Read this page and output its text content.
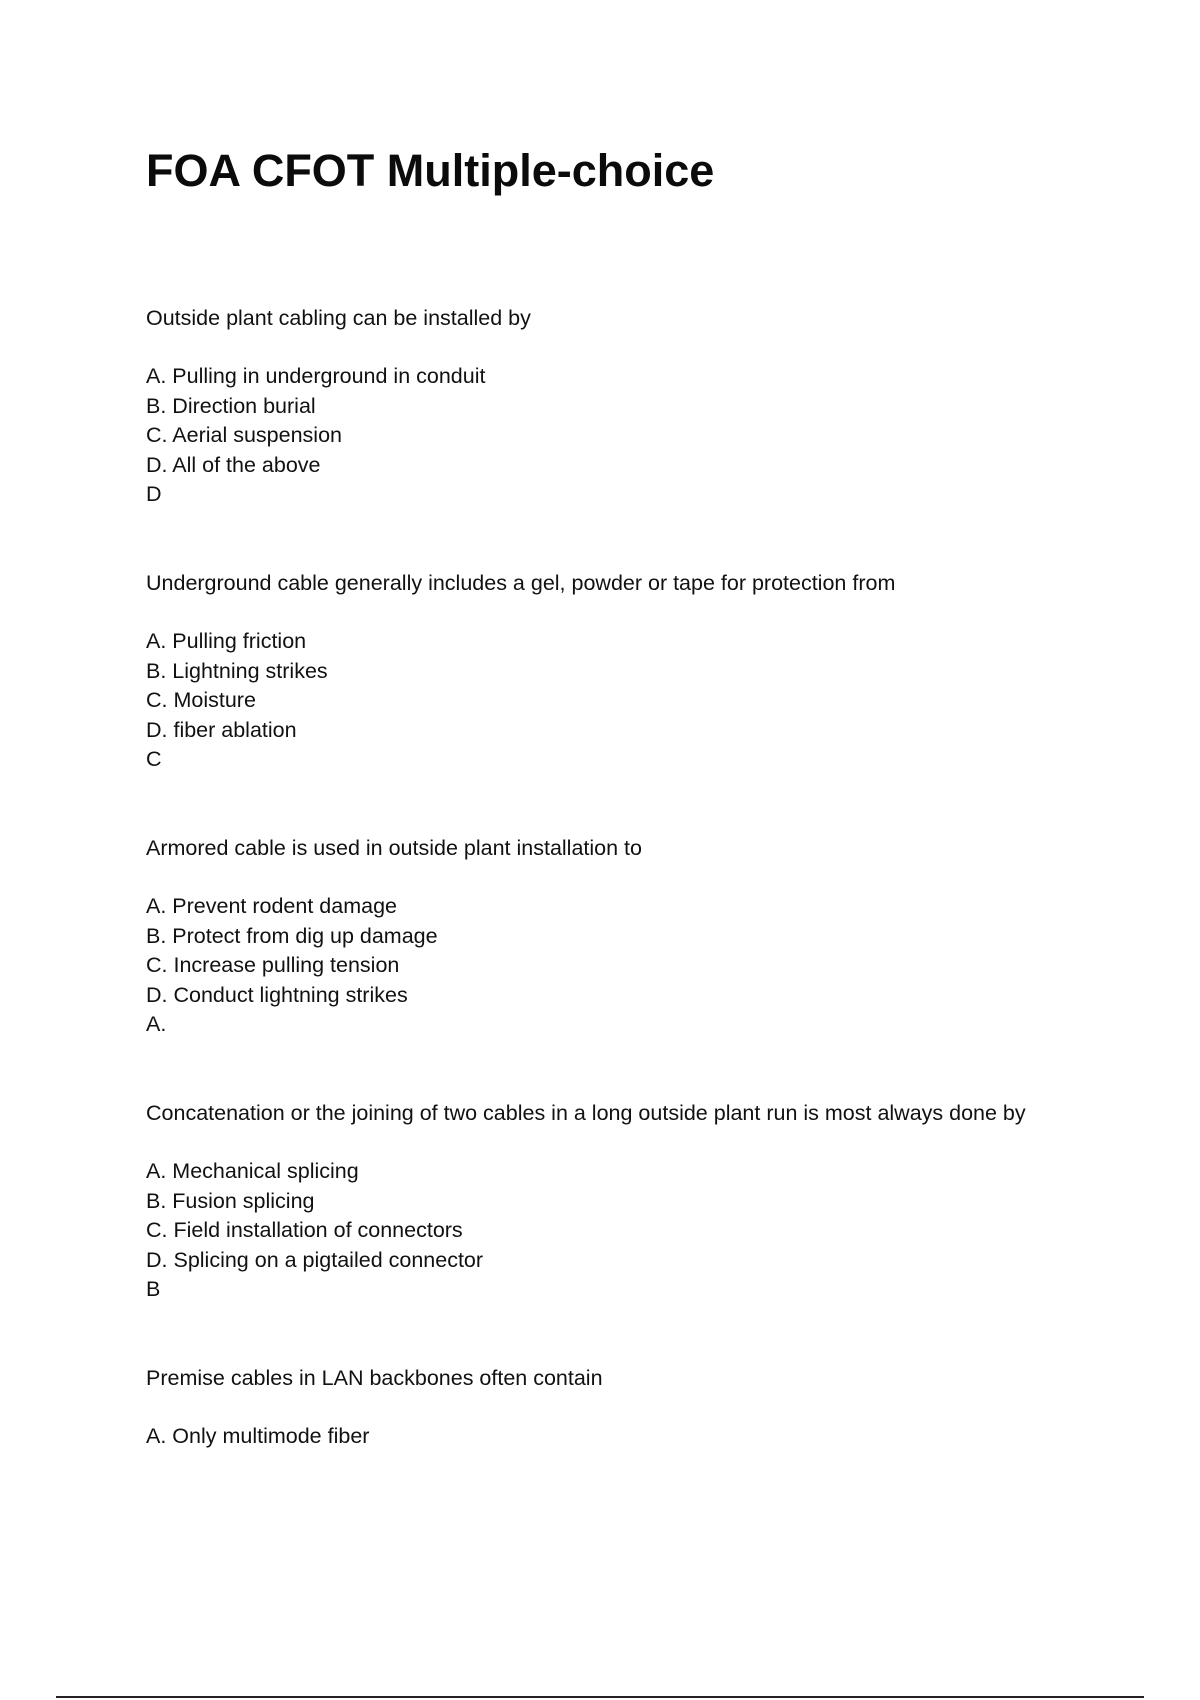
FOA CFOT Multiple-choice

Outside plant cabling can be installed by

A. Pulling in underground in conduit
B. Direction burial
C. Aerial suspension
D. All of the above
D

Underground cable generally includes a gel, powder or tape for protection from

A. Pulling friction
B. Lightning strikes
C. Moisture
D. fiber ablation
C

Armored cable is used in outside plant installation to

A. Prevent rodent damage
B. Protect from dig up damage
C. Increase pulling tension
D. Conduct lightning strikes
A.

Concatenation or the joining of two cables in a long outside plant run is most always done by

A. Mechanical splicing
B. Fusion splicing
C. Field installation of connectors
D. Splicing on a pigtailed connector
B

Premise cables in LAN backbones often contain

A. Only multimode fiber
